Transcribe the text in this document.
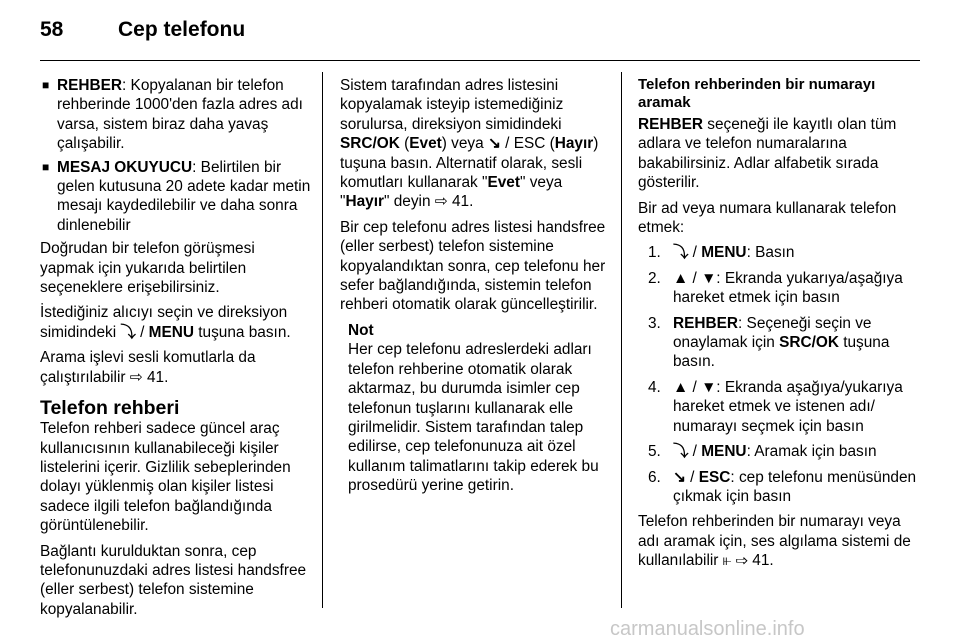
58	Cep telefonu
■ REHBER: Kopyalanan bir telefon rehberinde 1000'den fazla adres adı varsa, sistem biraz daha yavaş çalışabilir.
■ MESAJ OKUYUCU: Belirtilen bir gelen kutusuna 20 adete kadar metin mesajı kaydedilebilir ve daha sonra dinlenebilir

Doğrudan bir telefon görüşmesi yapmak için yukarıda belirtilen seçeneklere erişebilirsiniz.

İstediğiniz alıcıyı seçin ve direksiyon simidindeki ⤵ / MENU tuşuna basın.

Arama işlevi sesli komutlarla da çalıştırılabilir ⇨ 41.

Telefon rehberi

Telefon rehberi sadece güncel araç kullanıcısının kullanabileceği kişiler listelerini içerir. Gizlilik sebeplerinden dolayı yüklenmiş olan kişiler listesi sadece ilgili telefon bağlandığında görüntülenebilir.

Bağlantı kurulduktan sonra, cep telefonunuzdaki adres listesi handsfree (eller serbest) telefon sistemine kopyalanabilir.

Sistem tarafından adres listesini kopyalamak isteyip istemediğiniz sorulursa, direksiyon simidindeki SRC/OK (Evet) veya ↘ / ESC (Hayır) tuşuna basın. Alternatif olarak, sesli komutları kullanarak "Evet" veya "Hayır" deyin ⇨ 41.

Bir cep telefonu adres listesi handsfree (eller serbest) telefon sistemine kopyalandıktan sonra, cep telefonu her sefer bağlandığında, sistemin telefon rehberi otomatik olarak güncelleştirilir.

Not
Her cep telefonu adreslerdeki adları telefon rehberine otomatik olarak aktarmaz, bu durumda isimler cep telefonun tuşlarını kullanarak elle girilmelidir. Sistem tarafından talep edilirse, cep telefonunuza ait özel kullanım talimatlarını takip ederek bu prosedürü yerine getirin.
Telefon rehberinden bir numarayı aramak

REHBER seçeneği ile kayıtlı olan tüm adlara ve telefon numaralarına bakabilirsiniz. Adlar alfabetik sırada gösterilir.

Bir ad veya numara kullanarak telefon etmek:

1. ⤵ / MENU: Basın
2. ▲ / ▼: Ekranda yukarıya/aşağıya hareket etmek için basın
3. REHBER: Seçeneği seçin ve onaylamak için SRC/OK tuşuna basın.
4. ▲ / ▼: Ekranda aşağıya/yukarıya hareket etmek ve istenen adı/ numarayı seçmek için basın
5. ⤵ / MENU: Aramak için basın
6. ↘ / ESC: cep telefonu menüsünden çıkmak için basın

Telefon rehberinden bir numarayı veya adı aramak için, ses algılama sistemi de kullanılabilir ⫦ ⇨ 41.

carmanualsonline.info
